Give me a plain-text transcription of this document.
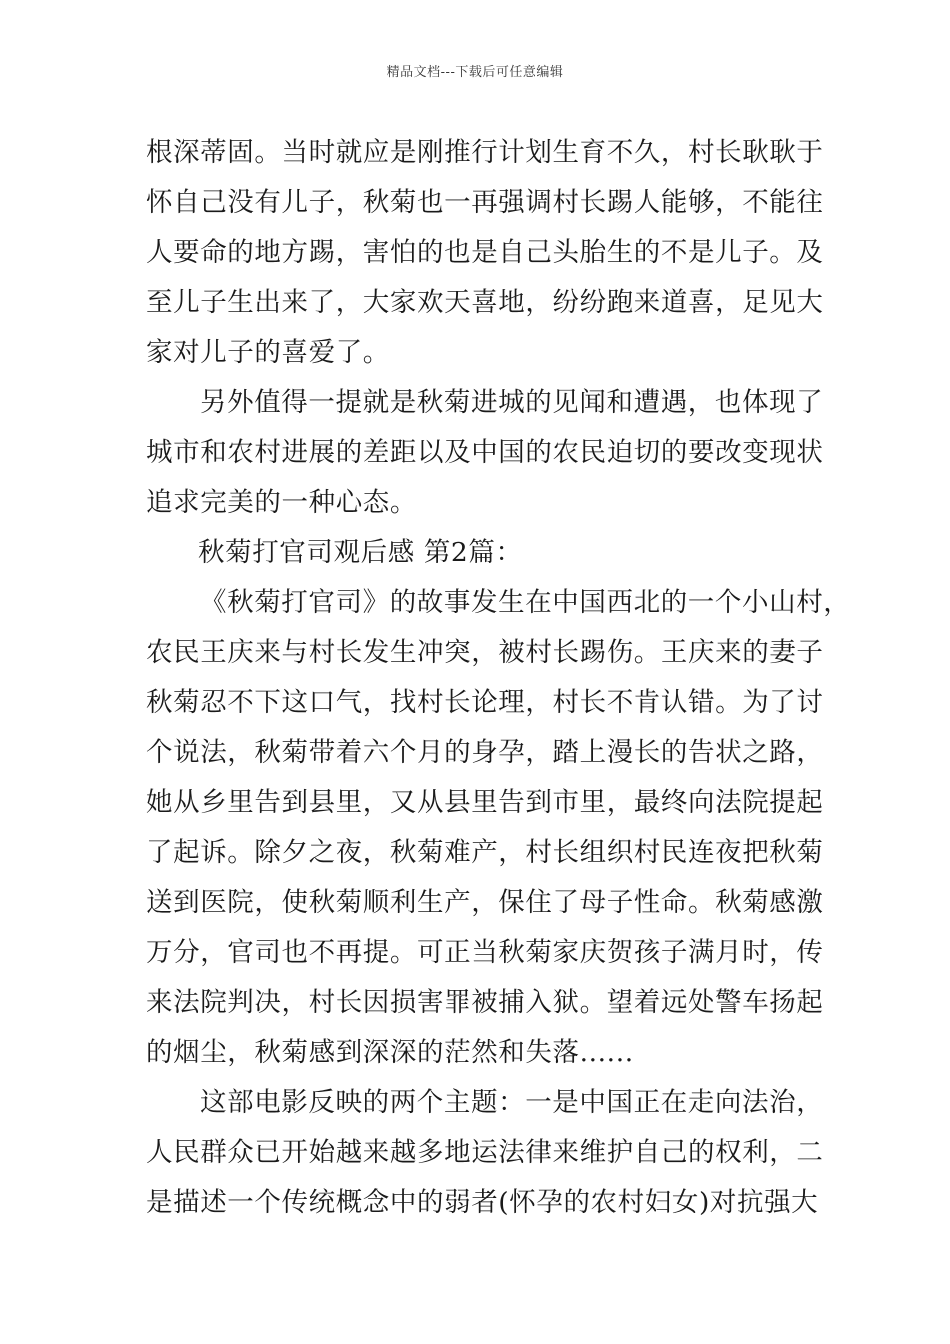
精品文档---下载后可任意编辑
根深蒂固。当时就应是刚推行计划生育不久，村长耿耿于
怀自己没有儿子，秋菊也一再强调村长踢人能够，不能往
人要命的地方踢，害怕的也是自己头胎生的不是儿子。及
至儿子生出来了，大家欢天喜地，纷纷跑来道喜，足见大
家对儿子的喜爱了。
另外值得一提就是秋菊进城的见闻和遭遇，也体现了
城市和农村进展的差距以及中国的农民迫切的要改变现状
追求完美的一种心态。
秋菊打官司观后感 第2篇：
《秋菊打官司》的故事发生在中国西北的一个小山村，
农民王庆来与村长发生冲突，被村长踢伤。王庆来的妻子
秋菊忍不下这口气，找村长论理，村长不肯认错。为了讨
个说法，秋菊带着六个月的身孕，踏上漫长的告状之路，
她从乡里告到县里，又从县里告到市里，最终向法院提起
了起诉。除夕之夜，秋菊难产，村长组织村民连夜把秋菊
送到医院，使秋菊顺利生产，保住了母子性命。秋菊感激
万分，官司也不再提。可正当秋菊家庆贺孩子满月时，传
来法院判决，村长因损害罪被捕入狱。望着远处警车扬起
的烟尘，秋菊感到深深的茫然和失落......
这部电影反映的两个主题：一是中国正在走向法治，
人民群众已开始越来越多地运法律来维护自己的权利，二
是描述一个传统概念中的弱者(怀孕的农村妇女)对抗强大
